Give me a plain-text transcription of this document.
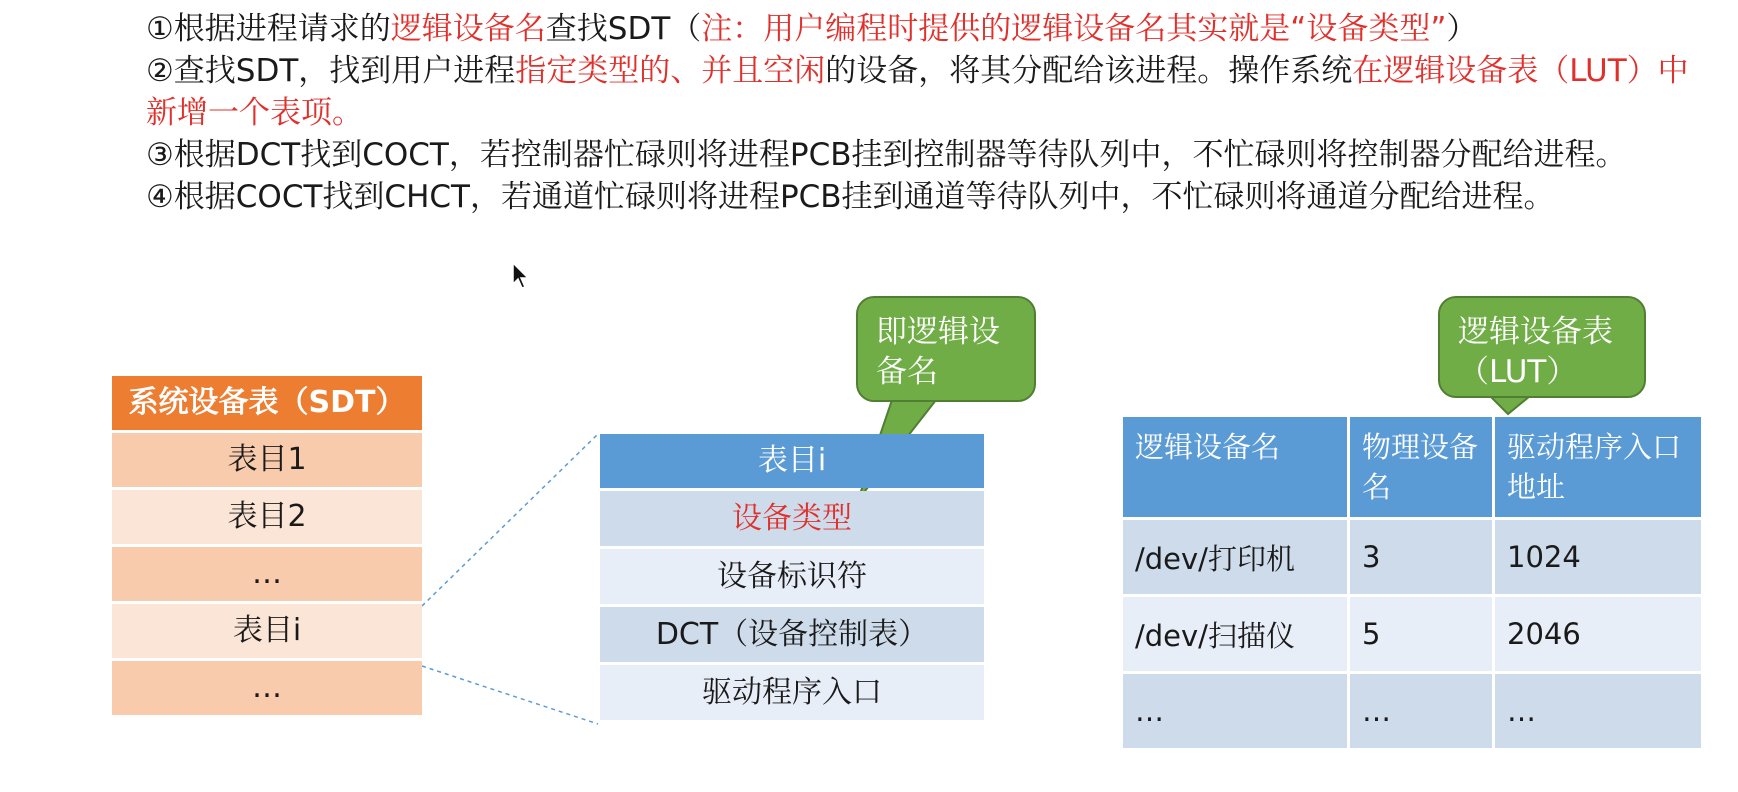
①根据进程请求的逻辑设备名查找SDT（注：用户编程时提供的逻辑设备名其实就是“设备类型”）

②查找SDT，找到用户进程指定类型的、并且空闲的设备，将其分配给该进程。操作系统在逻辑设备表（LUT）中新增一个表项。

③根据DCT找到COCT，若控制器忙碌则将进程PCB挂到控制器等待队列中，不忙碌则将控制器分配给进程。

④根据COCT找到CHCT，若通道忙碌则将进程PCB挂到通道等待队列中，不忙碌则将通道分配给进程。

系统设备表（SDT）
表目1
表目2
…
表目i
…
表目i
设备类型
设备标识符
DCT（设备控制表）
驱动程序入口
即逻辑设备名
逻辑设备表（LUT）
逻辑设备名	物理设备名	驱动程序入口地址
/dev/打印机	3	1024
/dev/扫描仪	5	2046
…	…	…
